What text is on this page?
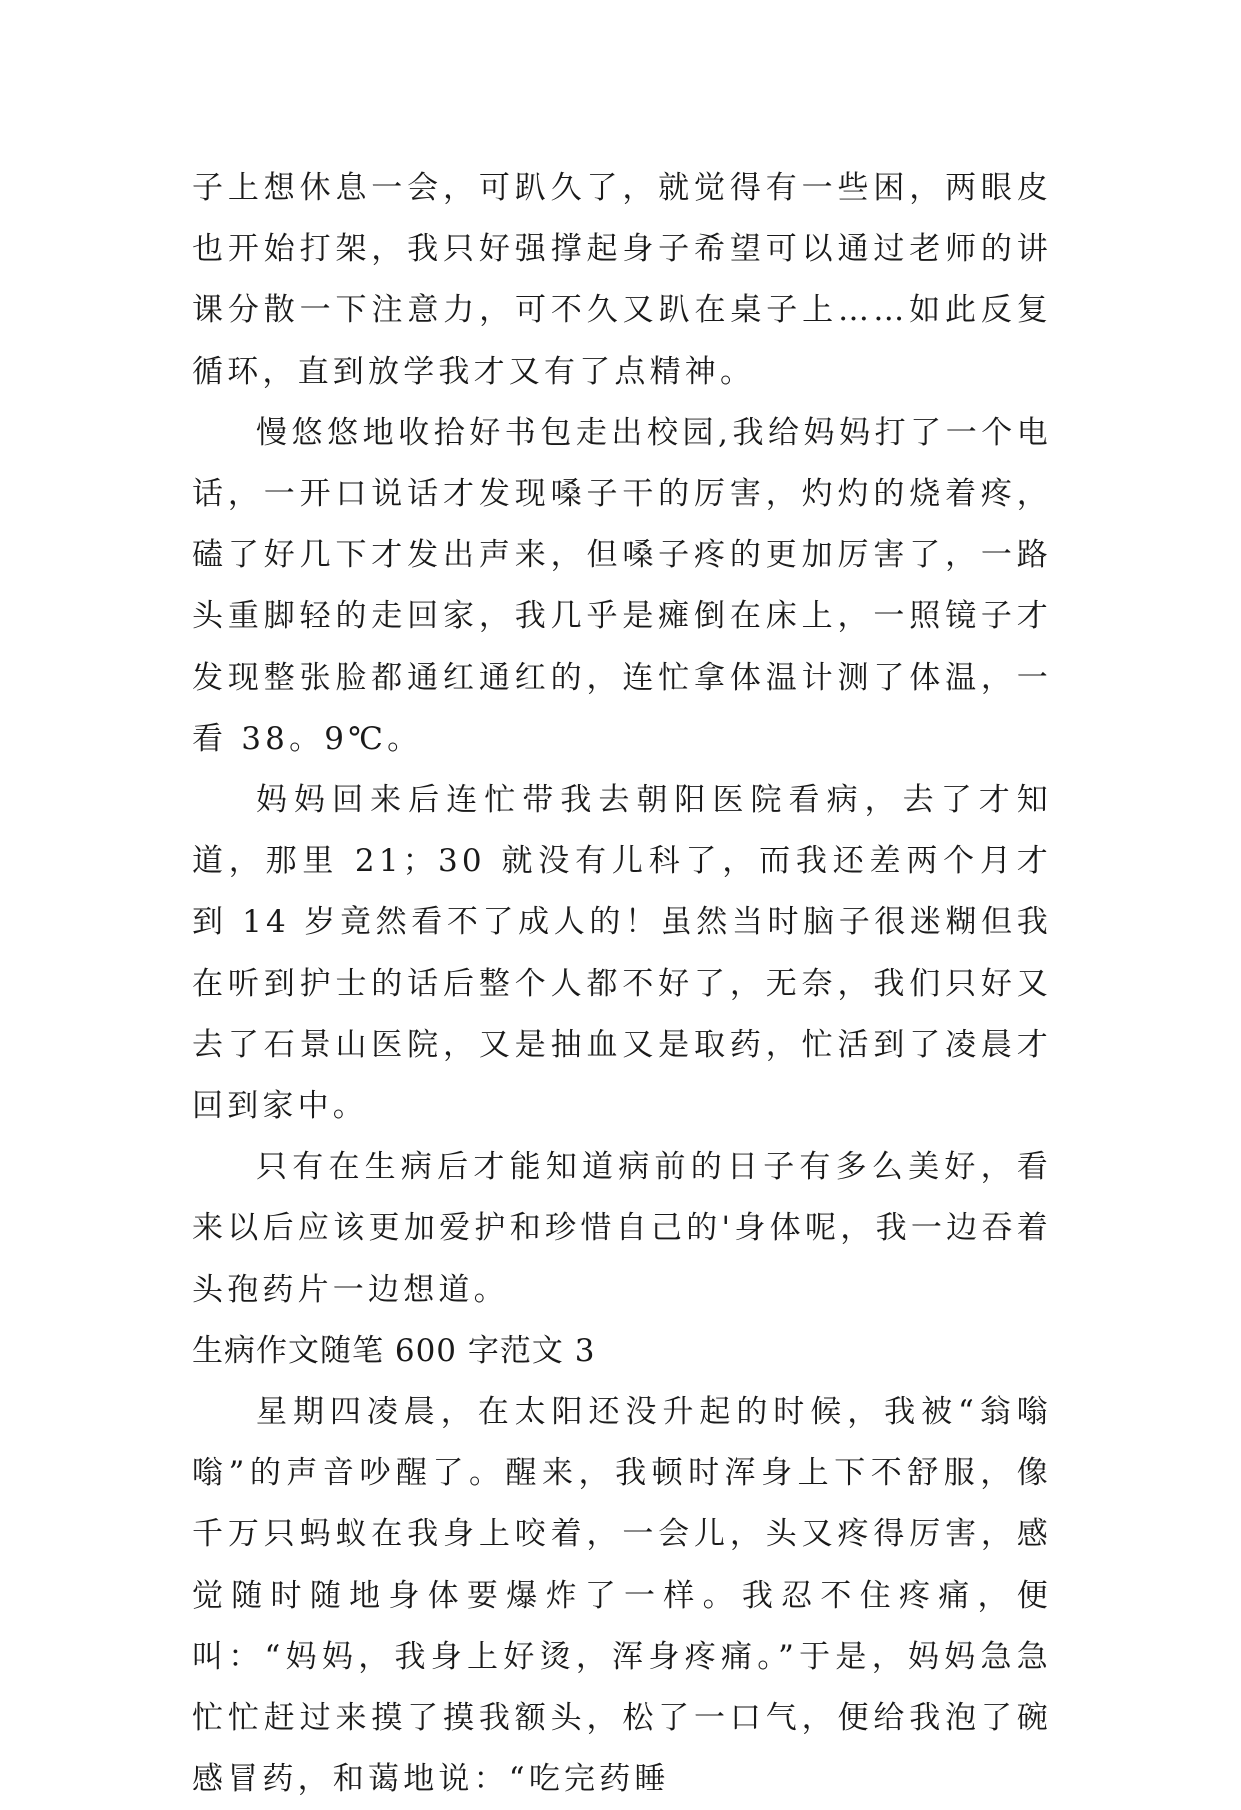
子上想休息一会，可趴久了，就觉得有一些困，两眼皮也开始打架，我只好强撑起身子希望可以通过老师的讲课分散一下注意力，可不久又趴在桌子上……如此反复循环，直到放学我才又有了点精神。

慢悠悠地收拾好书包走出校园,我给妈妈打了一个电话，一开口说话才发现嗓子干的厉害，灼灼的烧着疼，磕了好几下才发出声来，但嗓子疼的更加厉害了，一路头重脚轻的走回家，我几乎是瘫倒在床上，一照镜子才发现整张脸都通红通红的，连忙拿体温计测了体温，一看 38。9℃。

妈妈回来后连忙带我去朝阳医院看病，去了才知道，那里 21；30 就没有儿科了，而我还差两个月才到 14 岁竟然看不了成人的！虽然当时脑子很迷糊但我在听到护士的话后整个人都不好了，无奈，我们只好又去了石景山医院，又是抽血又是取药，忙活到了凌晨才回到家中。

只有在生病后才能知道病前的日子有多么美好，看来以后应该更加爱护和珍惜自己的'身体呢，我一边吞着头孢药片一边想道。

生病作文随笔 600 字范文 3

星期四凌晨，在太阳还没升起的时候，我被“翁嗡嗡”的声音吵醒了。醒来，我顿时浑身上下不舒服，像千万只蚂蚁在我身上咬着，一会儿，头又疼得厉害，感觉随时随地身体要爆炸了一样。我忍不住疼痛，便叫：“妈妈，我身上好烫，浑身疼痛。”于是，妈妈急急忙忙赶过来摸了摸我额头，松了一口气，便给我泡了碗感冒药，和蔼地说：“吃完药睡
